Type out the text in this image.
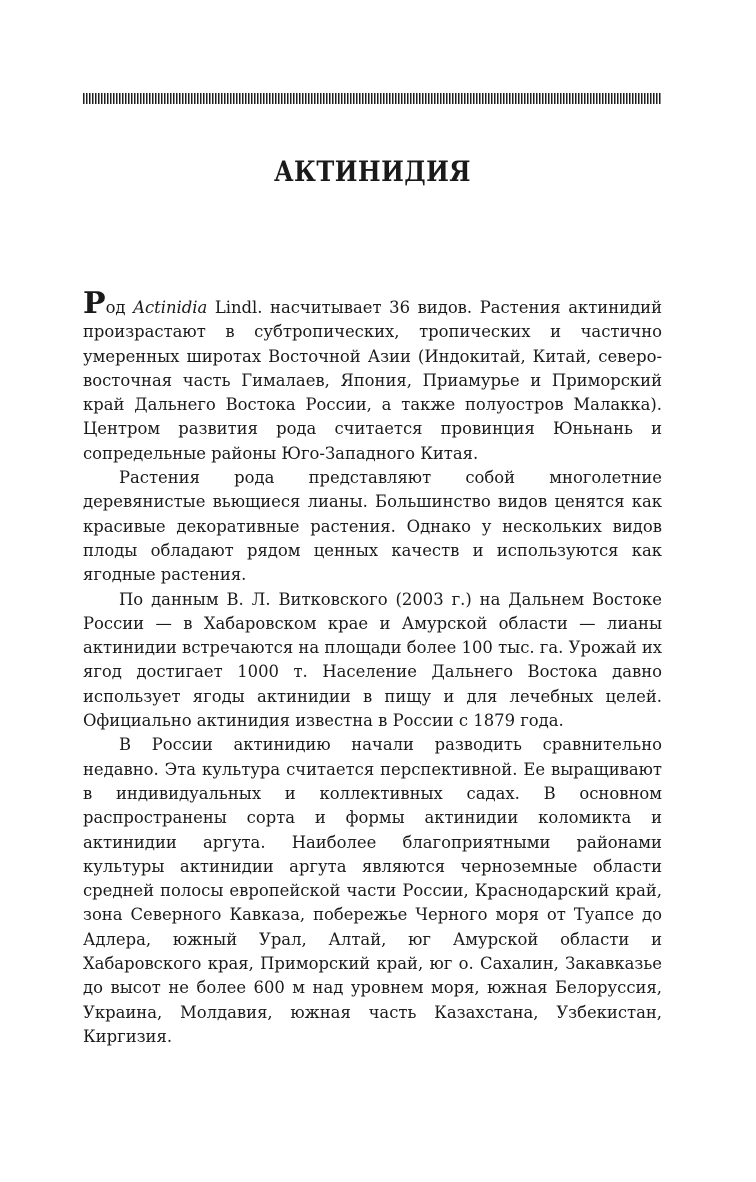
АКТИНИДИЯ

Род Actinidia Lindl. насчитывает 36 видов. Растения актинидий произрастают в субтропических, тропических и частично умеренных широтах Восточной Азии (Индокитай, Китай, северо-восточная часть Гималаев, Япония, Приамурье и Приморский край Дальнего Востока России, а также полуостров Малакка). Центром развития рода считается провинция Юньнань и сопредельные районы Юго-Западного Китая.

Растения рода представляют собой многолетние деревянистые вьющиеся лианы. Большинство видов ценятся как красивые декоративные растения. Однако у нескольких видов плоды обладают рядом ценных качеств и используются как ягодные растения.

По данным В. Л. Витковского (2003 г.) на Дальнем Востоке России — в Хабаровском крае и Амурской области — лианы актинидии встречаются на площади более 100 тыс. га. Урожай их ягод достигает 1000 т. Население Дальнего Востока давно использует ягоды актинидии в пищу и для лечебных целей. Официально актинидия известна в России с 1879 года.

В России актинидию начали разводить сравнительно недавно. Эта культура считается перспективной. Ее выращивают в индивидуальных и коллективных садах. В основном распространены сорта и формы актинидии коломикта и актинидии аргута. Наиболее благоприятными районами культуры актинидии аргута являются черноземные области средней полосы европейской части России, Краснодарский край, зона Северного Кавказа, побережье Черного моря от Туапсе до Адлера, южный Урал, Алтай, юг Амурской области и Хабаровского края, Приморский край, юг о. Сахалин, Закавказье до высот не более 600 м над уровнем моря, южная Белоруссия, Украина, Молдавия, южная часть Казахстана, Узбекистан, Киргизия.
